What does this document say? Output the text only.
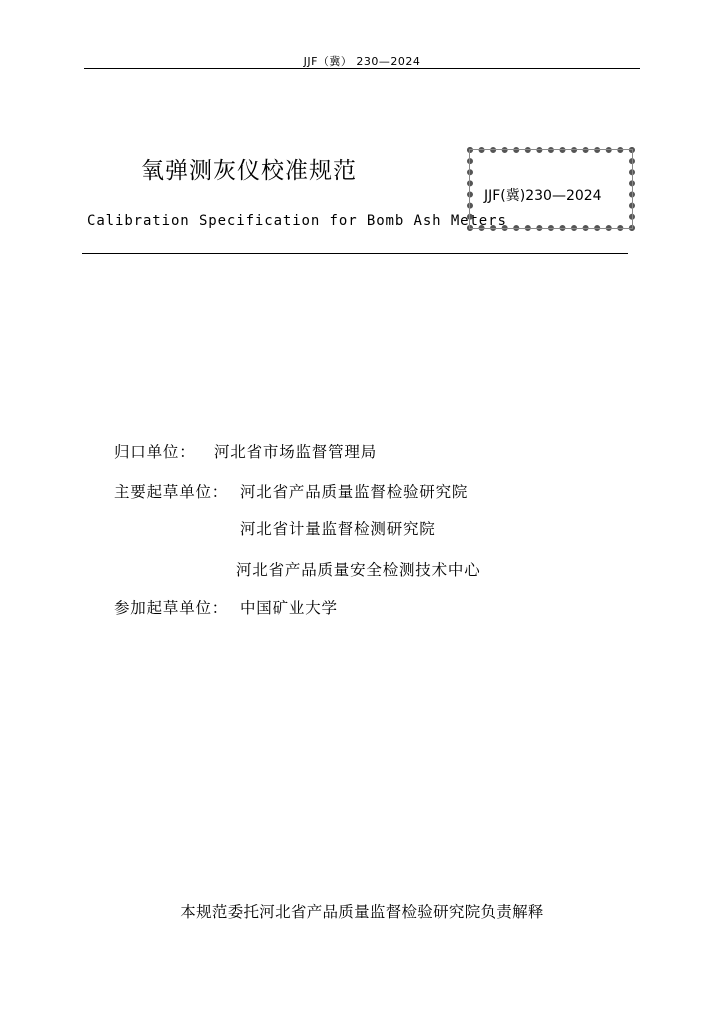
JJF（冀） 230—2024
氧弹测灰仪校准规范
Calibration Specification for Bomb Ash Meters
JJF(冀)230—2024
归口单位： 河北省市场监督管理局
主要起草单位： 河北省产品质量监督检验研究院
河北省计量监督检测研究院
河北省产品质量安全检测技术中心
参加起草单位： 中国矿业大学
本规范委托河北省产品质量监督检验研究院负责解释
